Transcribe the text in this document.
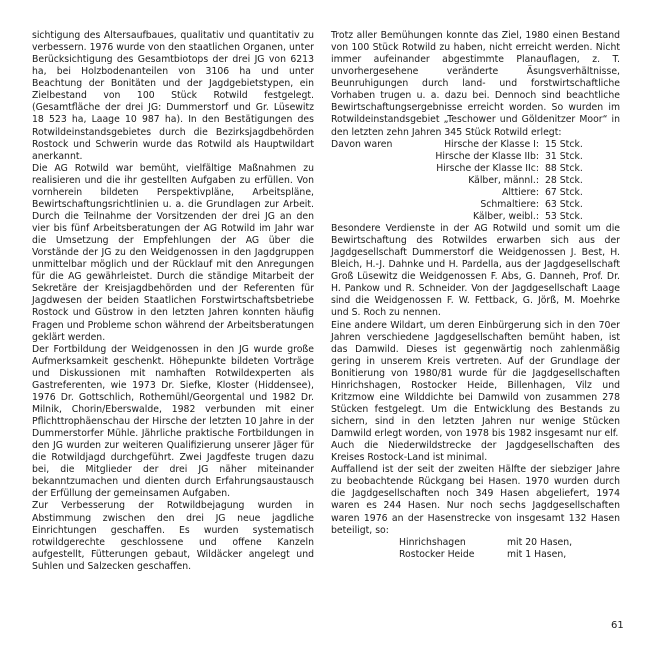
sichtigung des Altersaufbaues, qualitativ und quantitativ zu verbessern. 1976 wurde von den staatlichen Organen, unter Berücksichtigung des Gesamtbiotops der drei JG von 6213 ha, bei Holzbodenanteilen von 3106 ha und unter Beachtung der Bonitäten und der Jagdgebietstypen, ein Zielbestand von 100 Stück Rotwild festgelegt. (Gesamtfläche der drei JG: Dummerstorf und Gr. Lüsewitz 18 523 ha, Laage 10 987 ha). In den Bestätigungen des Rotwildeinstandsgebietes durch die Bezirksjagdbehörden Rostock und Schwerin wurde das Rotwild als Hauptwildart anerkannt.

Die AG Rotwild war bemüht, vielfältige Maßnahmen zu realisieren und die ihr gestellten Aufgaben zu erfüllen. Von vornherein bildeten Perspektivpläne, Arbeitspläne, Bewirtschaftungsrichtlinien u. a. die Grundlagen zur Arbeit. Durch die Teilnahme der Vorsitzenden der drei JG an den vier bis fünf Arbeitsberatungen der AG Rotwild im Jahr war die Umsetzung der Empfehlungen der AG über die Vorstände der JG zu den Weidgenossen in den Jagdgruppen unmittelbar möglich und der Rücklauf mit den Anregungen für die AG gewährleistet. Durch die ständige Mitarbeit der Sekretäre der Kreisjagdbehörden und der Referenten für Jagdwesen der beiden Staatlichen Forstwirtschaftsbetriebe Rostock und Güstrow in den letzten Jahren konnten häufig Fragen und Probleme schon während der Arbeitsberatungen geklärt werden.

Der Fortbildung der Weidgenossen in den JG wurde große Aufmerksamkeit geschenkt. Höhepunkte bildeten Vorträge und Diskussionen mit namhaften Rotwildexperten als Gastreferenten, wie 1973 Dr. Siefke, Kloster (Hiddensee), 1976 Dr. Gottschlich, Rothemühl/Georgental und 1982 Dr. Milnik, Chorin/Eberswalde, 1982 verbunden mit einer Pflichttrophäenschau der Hirsche der letzten 10 Jahre in der Dummerstorfer Mühle. Jährliche praktische Fortbildungen in den JG wurden zur weiteren Qualifizierung unserer Jäger für die Rotwildjagd durchgeführt. Zwei Jagdfeste trugen dazu bei, die Mitglieder der drei JG näher miteinander bekanntzumachen und dienten durch Erfahrungsaustausch der Erfüllung der gemeinsamen Aufgaben.

Zur Verbesserung der Rotwildbejagung wurden in Abstimmung zwischen den drei JG neue jagdliche Einrichtungen geschaffen. Es wurden systematisch rotwildgerechte geschlossene und offene Kanzeln aufgestellt, Fütterungen gebaut, Wildäcker angelegt und Suhlen und Salzecken geschaffen.

Trotz aller Bemühungen konnte das Ziel, 1980 einen Bestand von 100 Stück Rotwild zu haben, nicht erreicht werden. Nicht immer aufeinander abgestimmte Planauflagen, z. T. unvorhergesehene veränderte Äsungsverhältnisse, Beunruhigungen durch land- und forstwirtschaftliche Vorhaben trugen u. a. dazu bei. Dennoch sind beachtliche Bewirtschaftungsergebnisse erreicht worden. So wurden im Rotwildeinstandsgebiet „Teschower und Göldenitzer Moor“ in den letzten zehn Jahren 345 Stück Rotwild erlegt:

Davon waren	Hirsche der Klasse I:	15 Stck.
	Hirsche der Klasse IIb:	31 Stck.
	Hirsche der Klasse IIc:	88 Stck.
	Kälber, männl.:	28 Stck.
	Alttiere:	67 Stck.
	Schmaltiere:	63 Stck.
	Kälber, weibl.:	53 Stck.

Besondere Verdienste in der AG Rotwild und somit um die Bewirtschaftung des Rotwildes erwarben sich aus der Jagdgesellschaft Dummerstorf die Weidgenossen J. Best, H. Bleich, H.-J. Dahnke und H. Pardella, aus der Jagdgesellschaft Groß Lüsewitz die Weidgenossen F. Abs, G. Danneh, Prof. Dr. H. Pankow und R. Schneider. Von der Jagdgesellschaft Laage sind die Weidgenossen F. W. Fettback, G. Jörß, M. Moehrke und S. Roch zu nennen.

Eine andere Wildart, um deren Einbürgerung sich in den 70er Jahren verschiedene Jagdgesellschaften bemüht haben, ist das Damwild. Dieses ist gegenwärtig noch zahlenmäßig gering in unserem Kreis vertreten. Auf der Grundlage der Bonitierung von 1980/81 wurde für die Jagdgesellschaften Hinrichshagen, Rostocker Heide, Billenhagen, Vilz und Kritzmow eine Wilddichte bei Damwild von zusammen 278 Stücken festgelegt. Um die Entwicklung des Bestands zu sichern, sind in den letzten Jahren nur wenige Stücken Damwild erlegt worden, von 1978 bis 1982 insgesamt nur elf.

Auch die Niederwildstrecke der Jagdgesellschaften des Kreises Rostock-Land ist minimal.

Auffallend ist der seit der zweiten Hälfte der siebziger Jahre zu beobachtende Rückgang bei Hasen. 1970 wurden durch die Jagdgesellschaften noch 349 Hasen abgeliefert, 1974 waren es 244 Hasen. Nur noch sechs Jagdgesellschaften waren 1976 an der Hasenstrecke von insgesamt 132 Hasen beteiligt, so:

Hinrichshagen	mit 20 Hasen,
Rostocker Heide	mit 1 Hasen,
61
